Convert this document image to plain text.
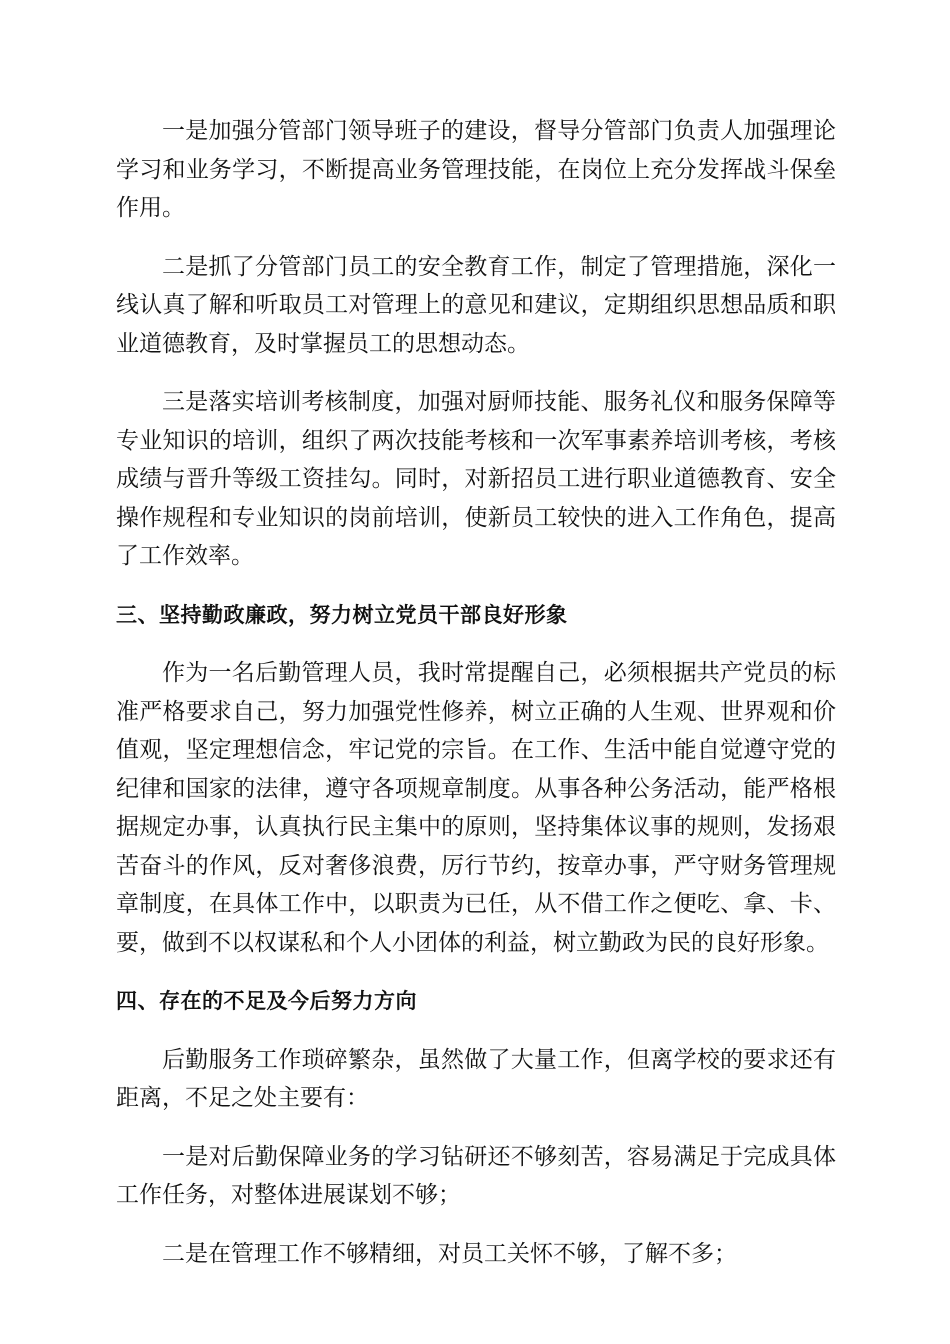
一是加强分管部门领导班子的建设，督导分管部门负责人加强理论学习和业务学习，不断提高业务管理技能，在岗位上充分发挥战斗保垒作用。

二是抓了分管部门员工的安全教育工作，制定了管理措施，深化一线认真了解和听取员工对管理上的意见和建议，定期组织思想品质和职业道德教育，及时掌握员工的思想动态。

三是落实培训考核制度，加强对厨师技能、服务礼仪和服务保障等专业知识的培训，组织了两次技能考核和一次军事素养培训考核，考核成绩与晋升等级工资挂勾。同时，对新招员工进行职业道德教育、安全操作规程和专业知识的岗前培训，使新员工较快的进入工作角色，提高了工作效率。

三、坚持勤政廉政，努力树立党员干部良好形象

作为一名后勤管理人员，我时常提醒自己，必须根据共产党员的标准严格要求自己，努力加强党性修养，树立正确的人生观、世界观和价值观，坚定理想信念，牢记党的宗旨。在工作、生活中能自觉遵守党的纪律和国家的法律，遵守各项规章制度。从事各种公务活动，能严格根据规定办事，认真执行民主集中的原则，坚持集体议事的规则，发扬艰苦奋斗的作风，反对奢侈浪费，厉行节约，按章办事，严守财务管理规章制度，在具体工作中，以职责为已任，从不借工作之便吃、拿、卡、要，做到不以权谋私和个人小团体的利益，树立勤政为民的良好形象。

四、存在的不足及今后努力方向

后勤服务工作琐碎繁杂，虽然做了大量工作，但离学校的要求还有距离，不足之处主要有：

一是对后勤保障业务的学习钻研还不够刻苦，容易满足于完成具体工作任务，对整体进展谋划不够；

二是在管理工作不够精细，对员工关怀不够，了解不多；
